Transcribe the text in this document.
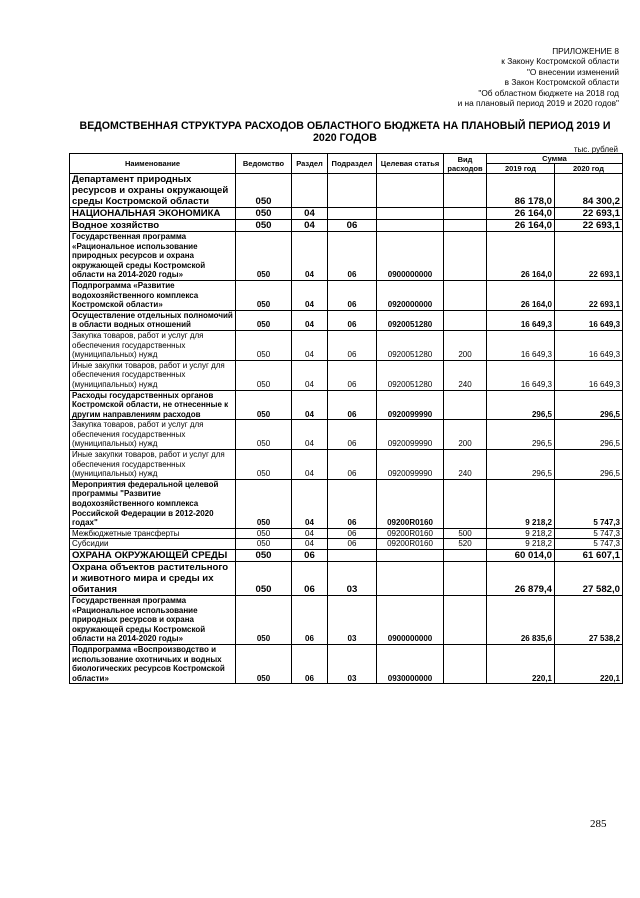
ПРИЛОЖЕНИЕ 8
к Закону Костромской области
"О внесении изменений
в Закон Костромской области
"Об областном бюджете на 2018 год
и на плановый период 2019 и 2020 годов"
ВЕДОМСТВЕННАЯ СТРУКТУРА РАСХОДОВ ОБЛАСТНОГО БЮДЖЕТА НА ПЛАНОВЫЙ ПЕРИОД 2019 И 2020 ГОДОВ
тыс. рублей
Наименование	Ведомство	Раздел	Подраздел	Целевая статья	Вид расходов	Сумма	
						2019 год	2020 год
Департамент природных ресурсов и охраны окружающей среды Костромской области	050					86 178,0	84 300,2
НАЦИОНАЛЬНАЯ ЭКОНОМИКА	050	04				26 164,0	22 693,1
Водное хозяйство	050	04	06			26 164,0	22 693,1
Государственная программа «Рациональное использование природных ресурсов и охрана окружающей среды Костромской области на 2014-2020 годы»	050	04	06	0900000000		26 164,0	22 693,1
Подпрограмма «Развитие водохозяйственного комплекса Костромской области»	050	04	06	0920000000		26 164,0	22 693,1
Осуществление отдельных полномочий в области водных отношений	050	04	06	0920051280		16 649,3	16 649,3
Закупка товаров, работ и услуг для обеспечения государственных (муниципальных) нужд	050	04	06	0920051280	200	16 649,3	16 649,3
Иные закупки товаров, работ и услуг для обеспечения государственных (муниципальных) нужд	050	04	06	0920051280	240	16 649,3	16 649,3
Расходы государственных органов Костромской области, не отнесенные к другим направлениям расходов	050	04	06	0920099990		296,5	296,5
Закупка товаров, работ и услуг для обеспечения государственных (муниципальных) нужд	050	04	06	0920099990	200	296,5	296,5
Иные закупки товаров, работ и услуг для обеспечения государственных (муниципальных) нужд	050	04	06	0920099990	240	296,5	296,5
Мероприятия федеральной целевой программы "Развитие водохозяйственного комплекса Российской Федерации в 2012-2020 годах"	050	04	06	09200R0160		9 218,2	5 747,3
Межбюджетные трансферты	050	04	06	09200R0160	500	9 218,2	5 747,3
Субсидии	050	04	06	09200R0160	520	9 218,2	5 747,3
ОХРАНА ОКРУЖАЮЩЕЙ СРЕДЫ	050	06				60 014,0	61 607,1
Охрана объектов растительного и животного мира и среды их обитания	050	06	03			26 879,4	27 582,0
Государственная программа «Рациональное использование природных ресурсов и охрана окружающей среды Костромской области на 2014-2020 годы»	050	06	03	0900000000		26 835,6	27 538,2
Подпрограмма «Воспроизводство и использование охотничьих и водных биологических ресурсов Костромской области»	050	06	03	0930000000		220,1	220,1
285
